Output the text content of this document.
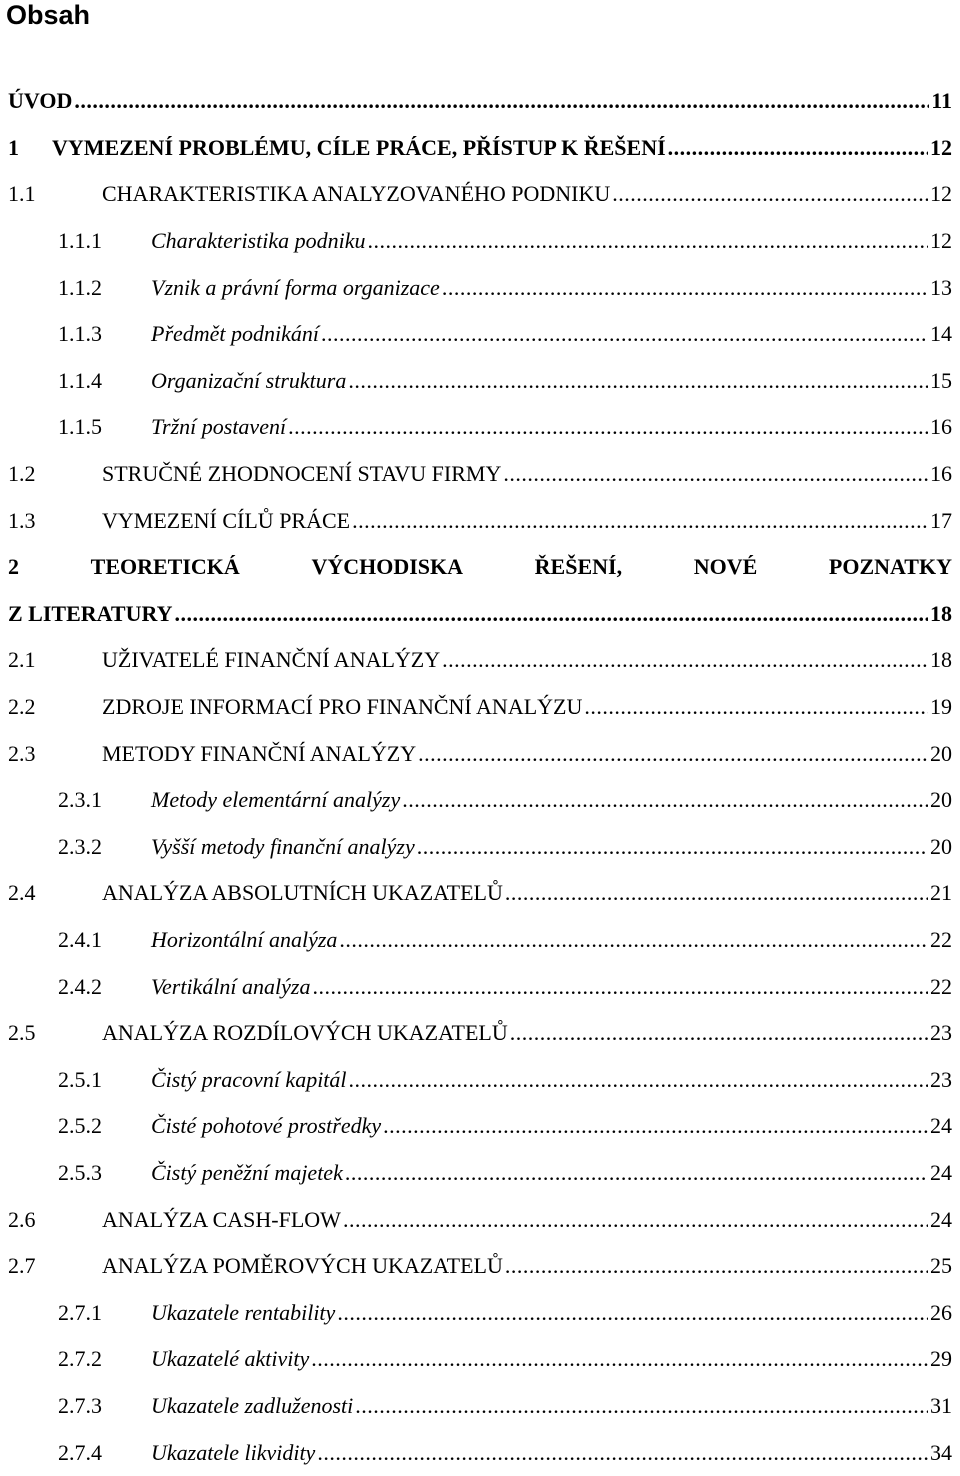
Obsah
ÚVOD .....	11
1 VYMEZENÍ PROBLÉMU, CÍLE PRÁCE, PŘÍSTUP K ŘEŠENÍ .....	12
1.1	CHARAKTERISTIKA ANALYZOVANÉHO PODNIKU .....	12
1.1.1 Charakteristika podniku .....	12
1.1.2 Vznik a právní forma organizace .....	13
1.1.3 Předmět podnikání .....	14
1.1.4 Organizační struktura .....	15
1.1.5 Tržní postavení .....	16
1.2	STRUČNÉ ZHODNOCENÍ STAVU FIRMY .....	16
1.3	VYMEZENÍ CÍLŮ PRÁCE .....	17
2	TEORETICKÁ	VÝCHODISKA	ŘEŠENÍ,	NOVÉ	POZNATKY
Z LITERATURY .....	18
2.1	UŽIVATELÉ FINANČNÍ ANALÝZY .....	18
2.2	ZDROJE INFORMACÍ PRO FINANČNÍ ANALÝZU .....	19
2.3	METODY FINANČNÍ ANALÝZY .....	20
2.3.1 Metody elementární analýzy .....	20
2.3.2 Vyšší metody finanční analýzy .....	20
2.4	ANALÝZA ABSOLUTNÍCH UKAZATELŮ .....	21
2.4.1 Horizontální analýza .....	22
2.4.2 Vertikální analýza .....	22
2.5	ANALÝZA ROZDÍLOVÝCH UKAZATELŮ .....	23
2.5.1 Čistý pracovní kapitál .....	23
2.5.2 Čisté pohotové prostředky .....	24
2.5.3 Čistý peněžní majetek .....	24
2.6	ANALÝZA CASH-FLOW .....	24
2.7	ANALÝZA POMĚROVÝCH UKAZATELŮ .....	25
2.7.1 Ukazatele rentability .....	26
2.7.2 Ukazatelé aktivity .....	29
2.7.3 Ukazatele zadluženosti .....	31
2.7.4 Ukazatele likvidity .....	34
